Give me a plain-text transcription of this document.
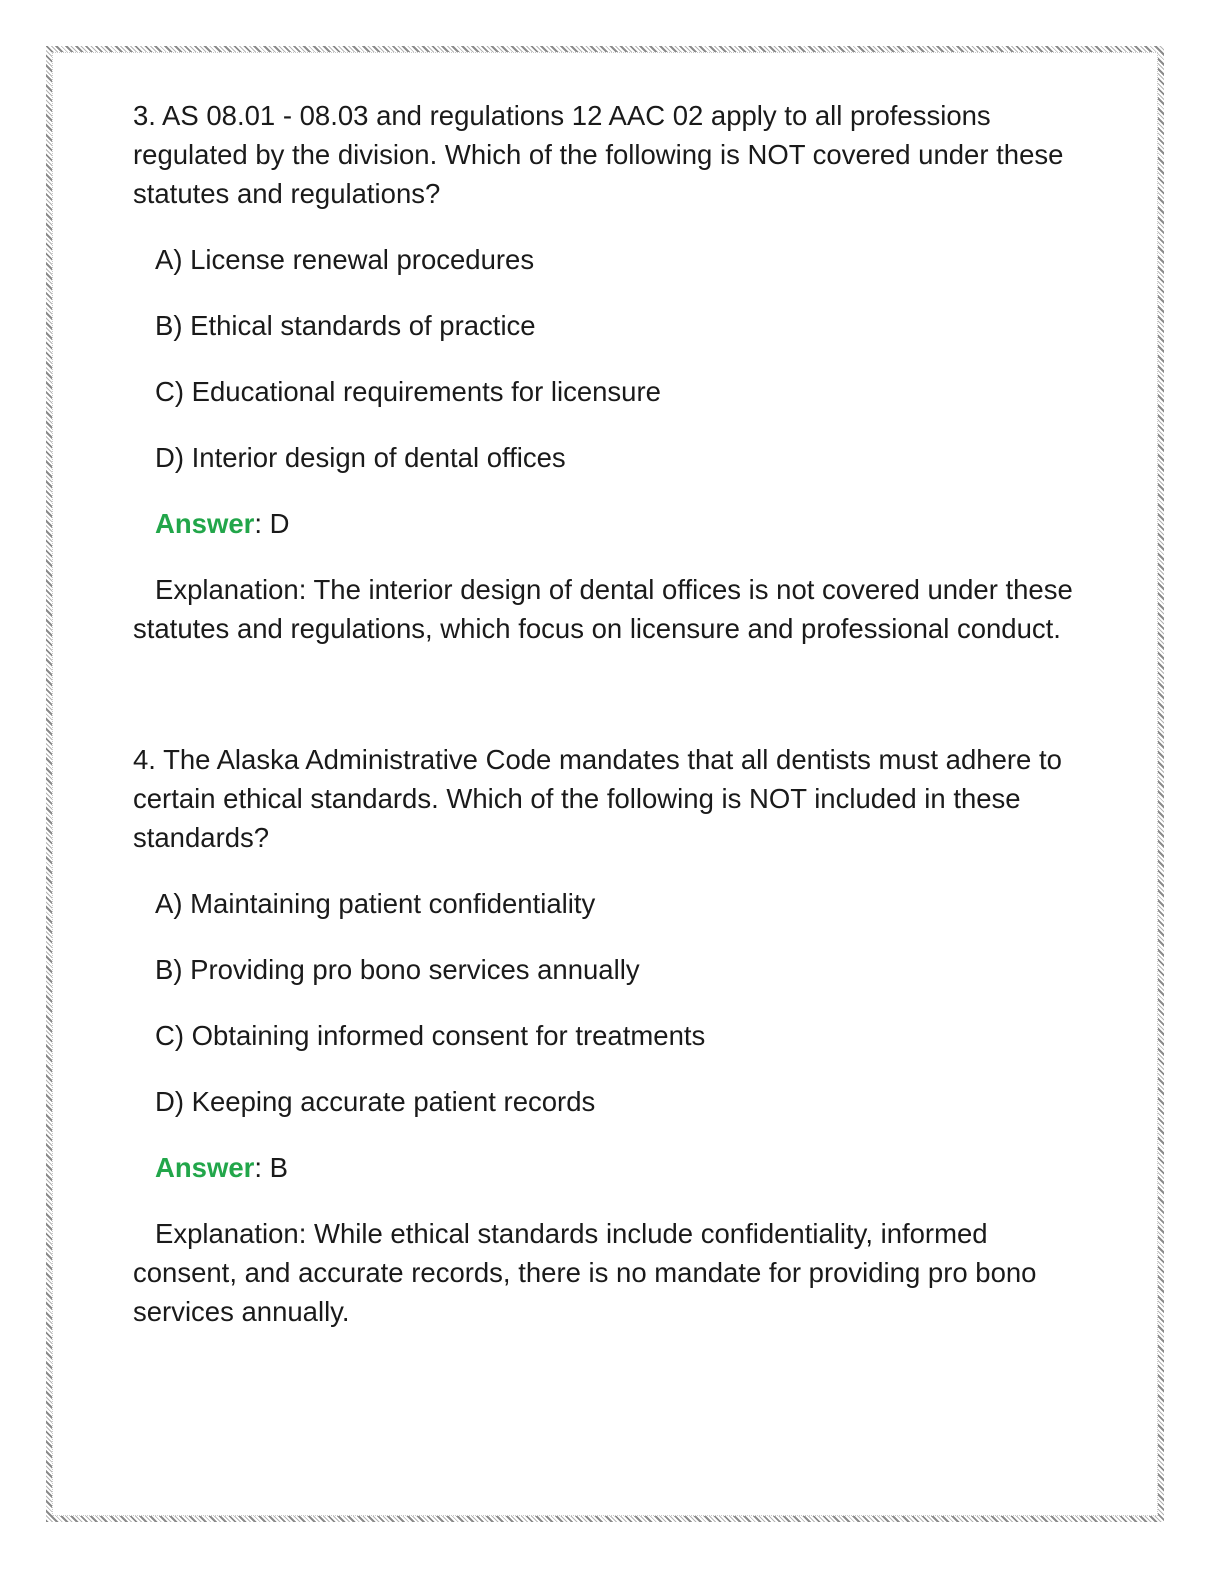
3. AS 08.01 - 08.03 and regulations 12 AAC 02 apply to all professions regulated by the division. Which of the following is NOT covered under these statutes and regulations?

A) License renewal procedures

B) Ethical standards of practice

C) Educational requirements for licensure

D) Interior design of dental offices

Answer: D

Explanation: The interior design of dental offices is not covered under these statutes and regulations, which focus on licensure and professional conduct.

4. The Alaska Administrative Code mandates that all dentists must adhere to certain ethical standards. Which of the following is NOT included in these standards?

A) Maintaining patient confidentiality

B) Providing pro bono services annually

C) Obtaining informed consent for treatments

D) Keeping accurate patient records

Answer: B

Explanation: While ethical standards include confidentiality, informed consent, and accurate records, there is no mandate for providing pro bono services annually.
